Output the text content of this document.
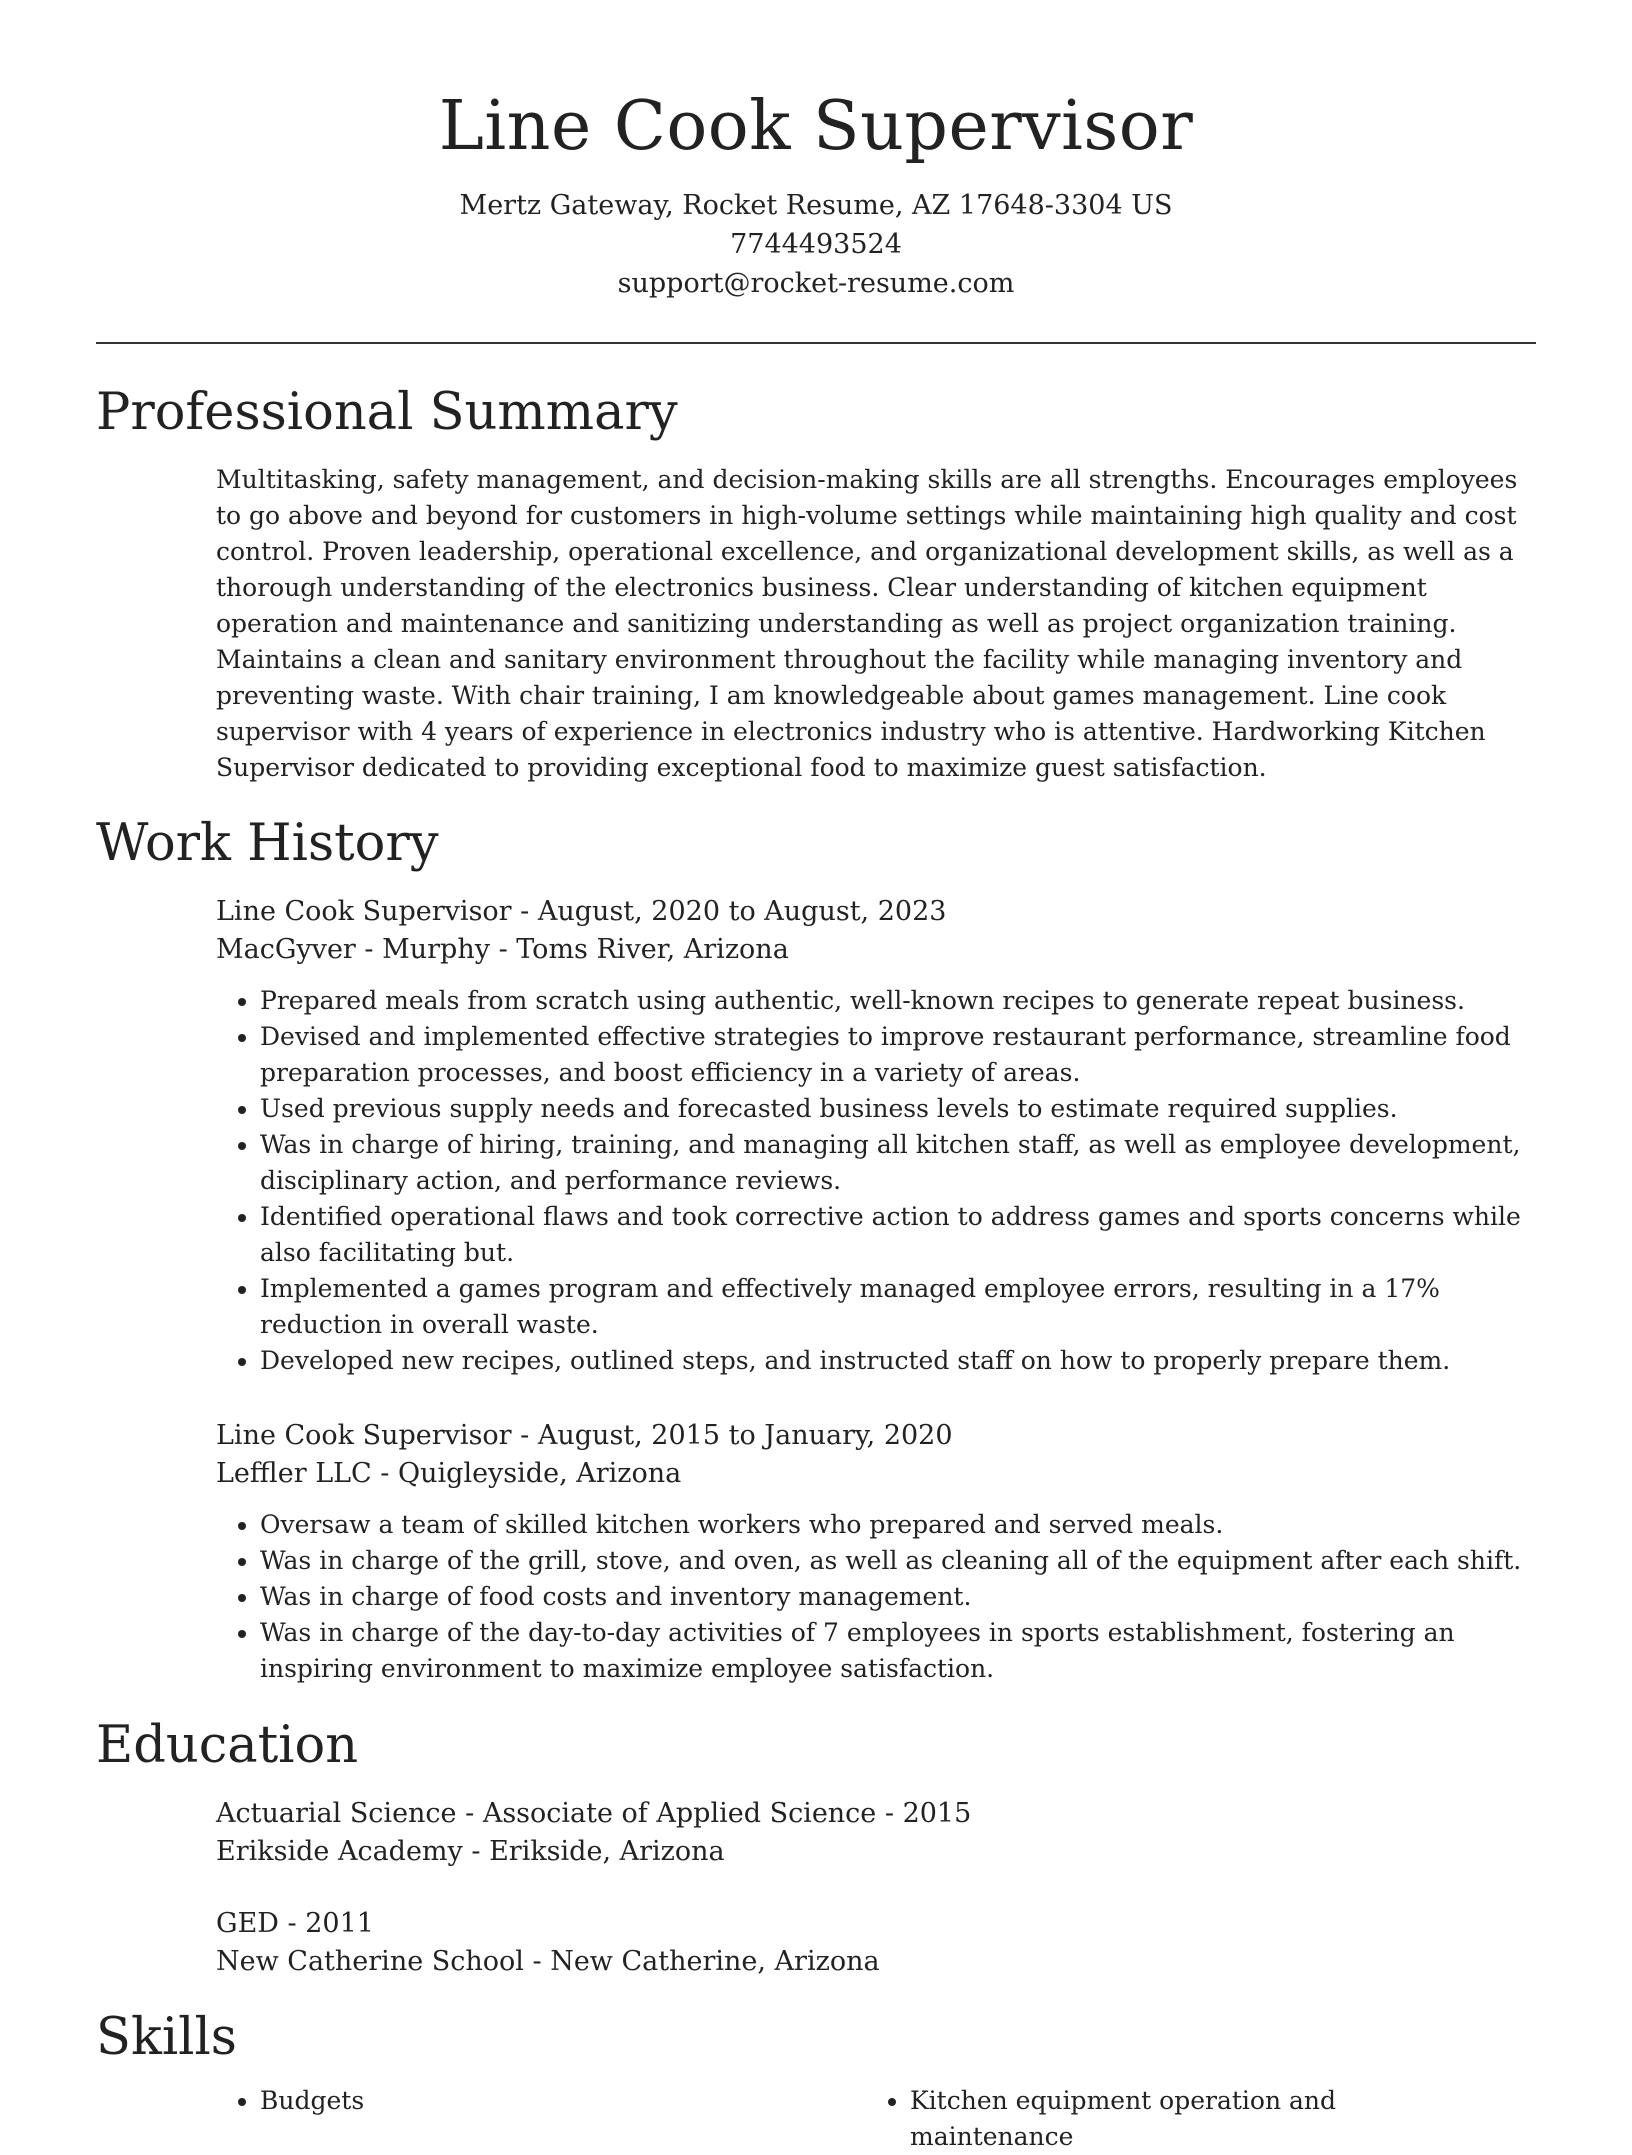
Line Cook Supervisor
Mertz Gateway, Rocket Resume, AZ 17648-3304 US
7744493524
support@rocket-resume.com
Professional Summary
Multitasking, safety management, and decision-making skills are all strengths. Encourages employees to go above and beyond for customers in high-volume settings while maintaining high quality and cost control. Proven leadership, operational excellence, and organizational development skills, as well as a thorough understanding of the electronics business. Clear understanding of kitchen equipment operation and maintenance and sanitizing understanding as well as project organization training. Maintains a clean and sanitary environment throughout the facility while managing inventory and preventing waste. With chair training, I am knowledgeable about games management. Line cook supervisor with 4 years of experience in electronics industry who is attentive. Hardworking Kitchen Supervisor dedicated to providing exceptional food to maximize guest satisfaction.
Work History
Line Cook Supervisor - August, 2020 to August, 2023
MacGyver - Murphy - Toms River, Arizona
• Prepared meals from scratch using authentic, well-known recipes to generate repeat business.
• Devised and implemented effective strategies to improve restaurant performance, streamline food preparation processes, and boost efficiency in a variety of areas.
• Used previous supply needs and forecasted business levels to estimate required supplies.
• Was in charge of hiring, training, and managing all kitchen staff, as well as employee development, disciplinary action, and performance reviews.
• Identified operational flaws and took corrective action to address games and sports concerns while also facilitating but.
• Implemented a games program and effectively managed employee errors, resulting in a 17% reduction in overall waste.
• Developed new recipes, outlined steps, and instructed staff on how to properly prepare them.
Line Cook Supervisor - August, 2015 to January, 2020
Leffler LLC - Quigleyside, Arizona
• Oversaw a team of skilled kitchen workers who prepared and served meals.
• Was in charge of the grill, stove, and oven, as well as cleaning all of the equipment after each shift.
• Was in charge of food costs and inventory management.
• Was in charge of the day-to-day activities of 7 employees in sports establishment, fostering an inspiring environment to maximize employee satisfaction.
Education
Actuarial Science - Associate of Applied Science - 2015
Erikside Academy - Erikside, Arizona
GED - 2011
New Catherine School - New Catherine, Arizona
Skills
• Budgets
•	Kitchen equipment operation and maintenance
